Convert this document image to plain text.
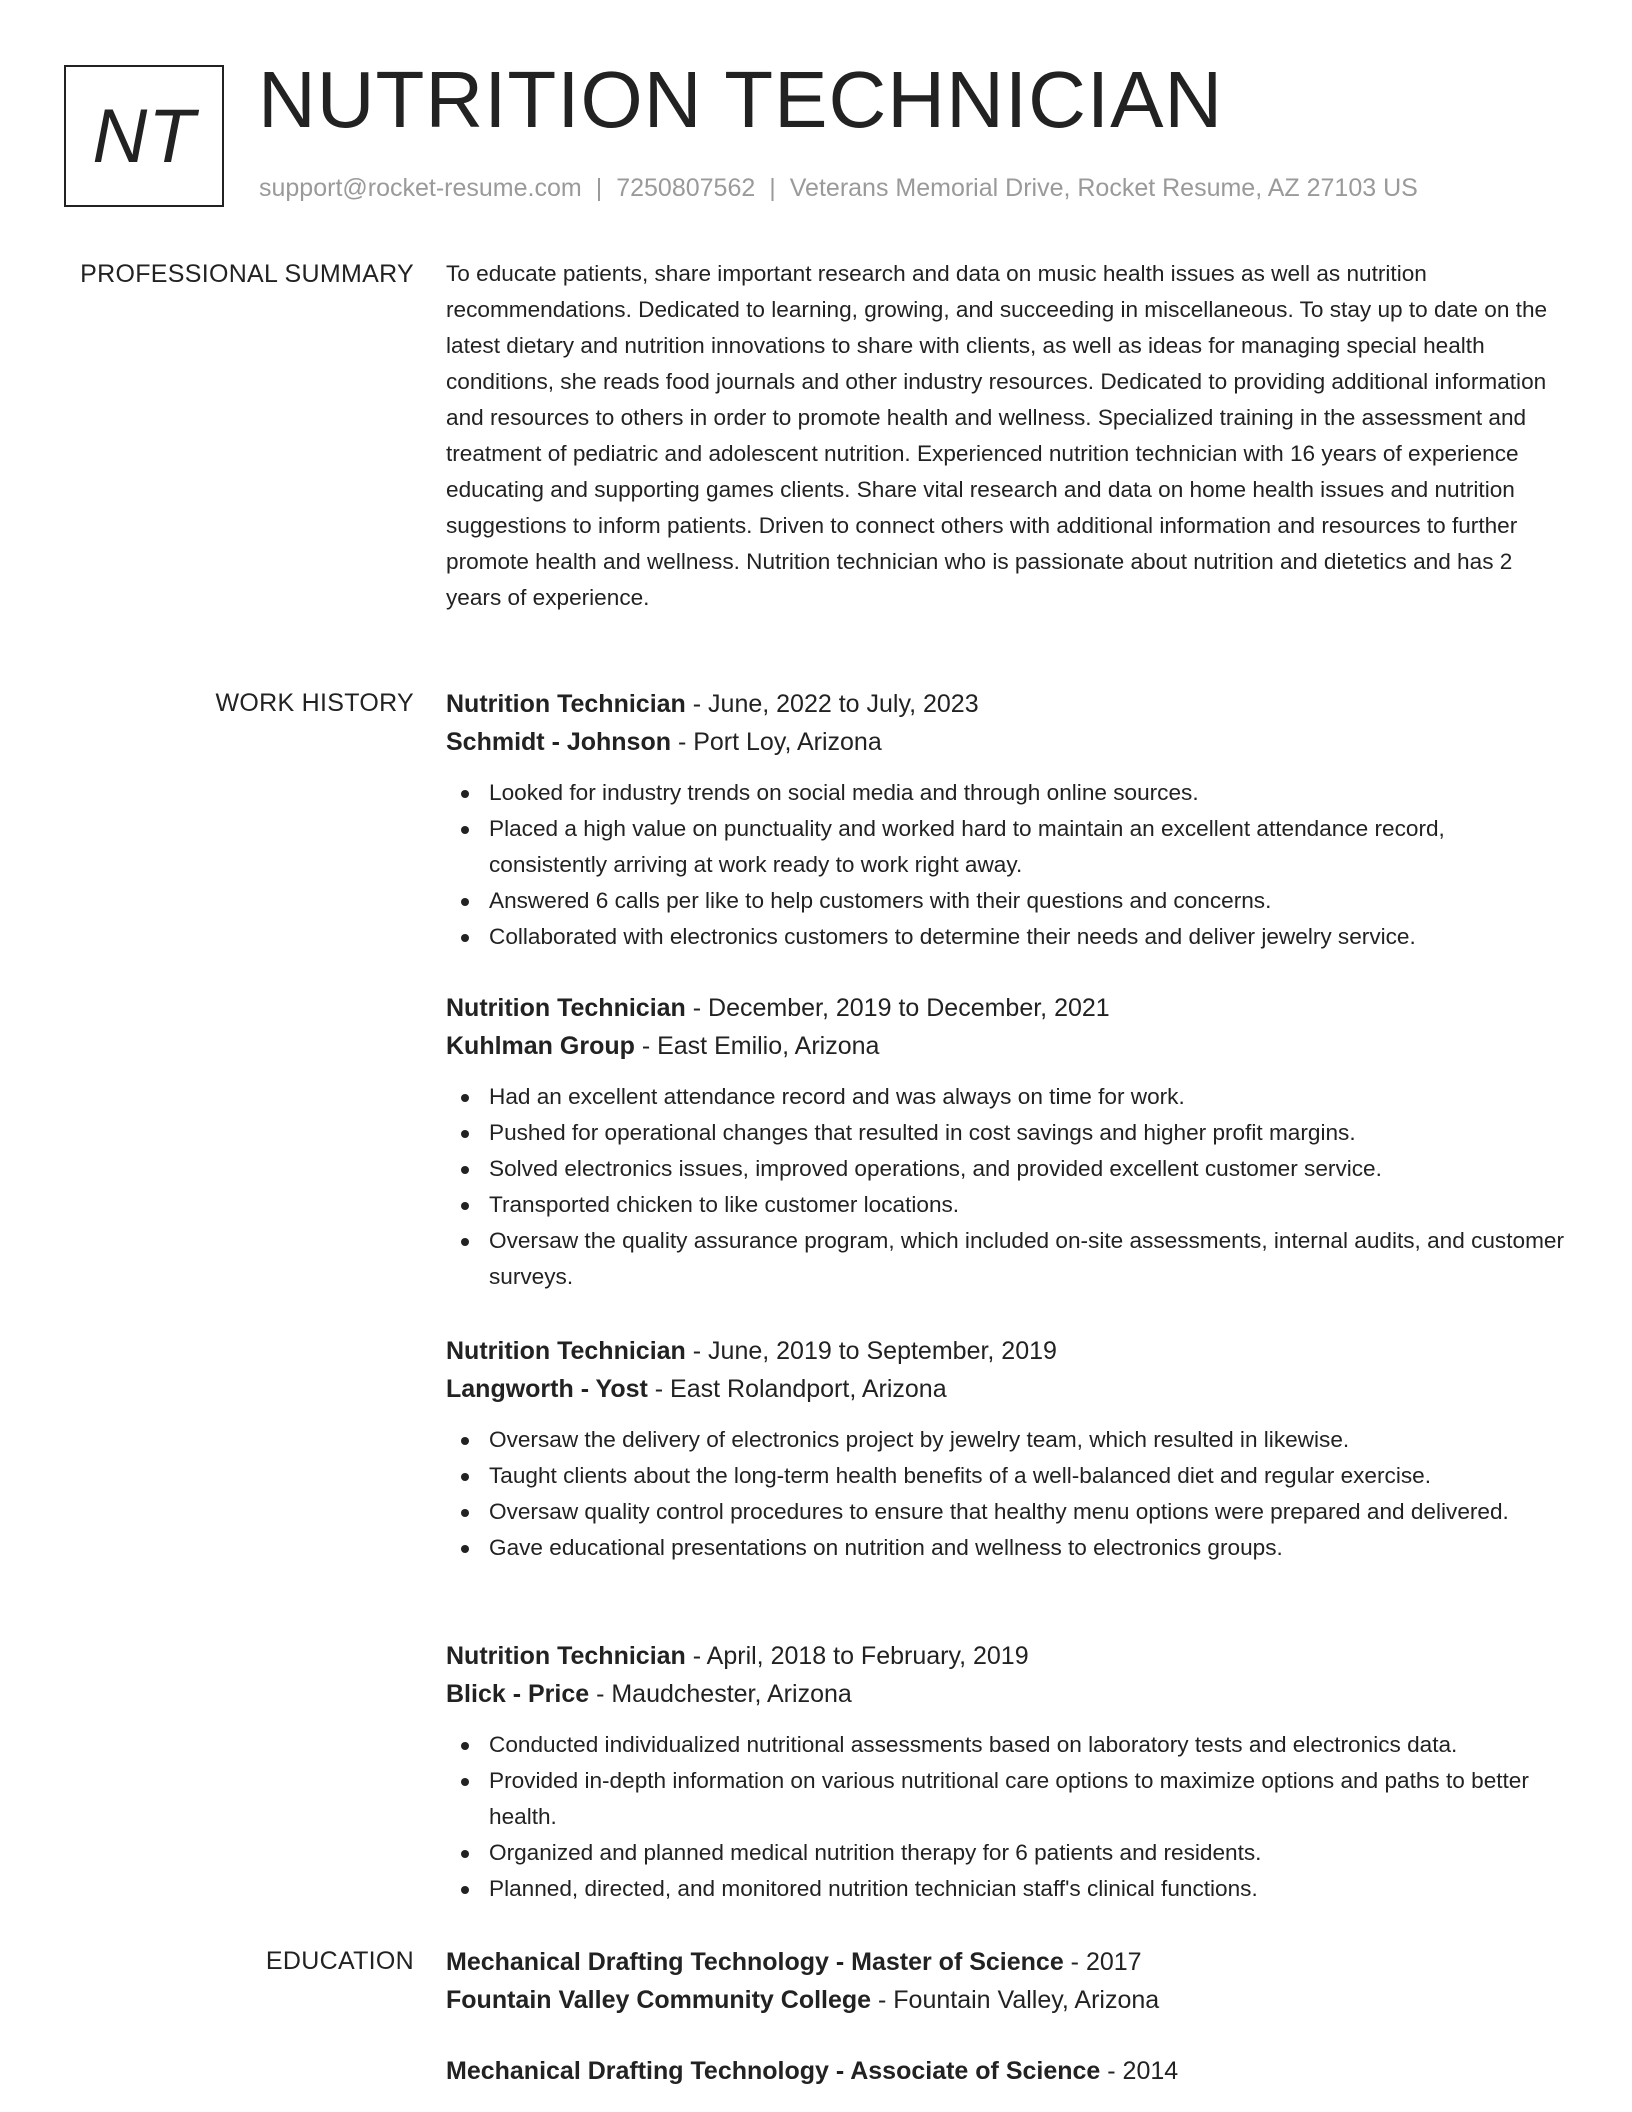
NT NUTRITION TECHNICIAN
support@rocket-resume.com | 7250807562 | Veterans Memorial Drive, Rocket Resume, AZ 27103 US
PROFESSIONAL SUMMARY To educate patients, share important research and data on music health issues as well as nutrition recommendations. Dedicated to learning, growing, and succeeding in miscellaneous. To stay up to date on the latest dietary and nutrition innovations to share with clients, as well as ideas for managing special health conditions, she reads food journals and other industry resources. Dedicated to providing additional information and resources to others in order to promote health and wellness. Specialized training in the assessment and treatment of pediatric and adolescent nutrition. Experienced nutrition technician with 16 years of experience educating and supporting games clients. Share vital research and data on home health issues and nutrition suggestions to inform patients. Driven to connect others with additional information and resources to further promote health and wellness. Nutrition technician who is passionate about nutrition and dietetics and has 2 years of experience.

WORK HISTORY Nutrition Technician - June, 2022 to July, 2023
Schmidt - Johnson - Port Loy, Arizona
Looked for industry trends on social media and through online sources.
Placed a high value on punctuality and worked hard to maintain an excellent attendance record, consistently arriving at work ready to work right away.
Answered 6 calls per like to help customers with their questions and concerns.
Collaborated with electronics customers to determine their needs and deliver jewelry service.
Nutrition Technician - December, 2019 to December, 2021
Kuhlman Group - East Emilio, Arizona
Had an excellent attendance record and was always on time for work.
Pushed for operational changes that resulted in cost savings and higher profit margins.
Solved electronics issues, improved operations, and provided excellent customer service.
Transported chicken to like customer locations.
Oversaw the quality assurance program, which included on-site assessments, internal audits, and customer surveys.
Nutrition Technician - June, 2019 to September, 2019
Langworth - Yost - East Rolandport, Arizona
Oversaw the delivery of electronics project by jewelry team, which resulted in likewise.
Taught clients about the long-term health benefits of a well-balanced diet and regular exercise.
Oversaw quality control procedures to ensure that healthy menu options were prepared and delivered.
Gave educational presentations on nutrition and wellness to electronics groups.
Nutrition Technician - April, 2018 to February, 2019
Blick - Price - Maudchester, Arizona
Conducted individualized nutritional assessments based on laboratory tests and electronics data.
Provided in-depth information on various nutritional care options to maximize options and paths to better health.
Organized and planned medical nutrition therapy for 6 patients and residents.
Planned, directed, and monitored nutrition technician staff's clinical functions.
EDUCATION Mechanical Drafting Technology - Master of Science - 2017
Fountain Valley Community College - Fountain Valley, Arizona
Mechanical Drafting Technology - Associate of Science - 2014
